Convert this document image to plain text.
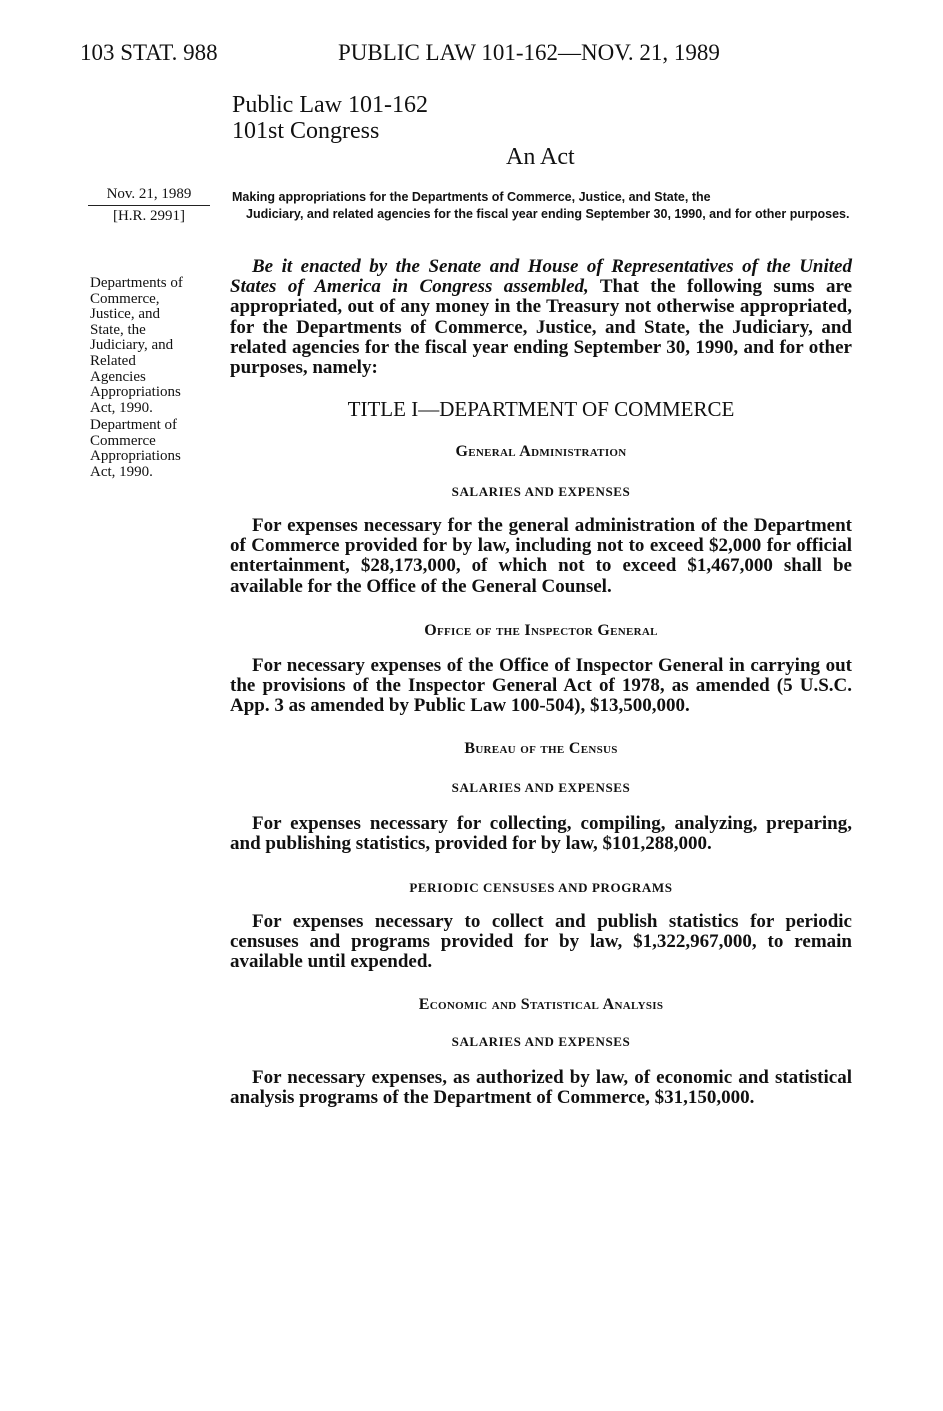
103 STAT. 988	PUBLIC LAW 101-162—NOV. 21, 1989
Public Law 101-162
101st Congress
An Act
Nov. 21, 1989
[H.R. 2991]
Departments of
Commerce,
Justice, and
State, the
Judiciary, and
Related
Agencies
Appropriations
Act, 1990.
Department of
Commerce
Appropriations
Act, 1990.
Making appropriations for the Departments of Commerce, Justice, and State, the
Judiciary, and related agencies for the fiscal year ending September 30, 1990, and for other purposes.
Be it enacted by the Senate and House of Representatives of the United States of America in Congress assembled, That the following sums are appropriated, out of any money in the Treasury not otherwise appropriated, for the Departments of Commerce, Justice, and State, the Judiciary, and related agencies for the fiscal year ending September 30, 1990, and for other purposes, namely:
TITLE I—DEPARTMENT OF COMMERCE
General Administration
SALARIES AND EXPENSES
For expenses necessary for the general administration of the Department of Commerce provided for by law, including not to exceed $2,000 for official entertainment, $28,173,000, of which not to exceed $1,467,000 shall be available for the Office of the General Counsel.
Office of the Inspector General
For necessary expenses of the Office of Inspector General in carrying out the provisions of the Inspector General Act of 1978, as amended (5 U.S.C. App. 3 as amended by Public Law 100-504), $13,500,000.
Bureau of the Census
SALARIES AND EXPENSES
For expenses necessary for collecting, compiling, analyzing, preparing, and publishing statistics, provided for by law, $101,288,000.
PERIODIC CENSUSES AND PROGRAMS
For expenses necessary to collect and publish statistics for periodic censuses and programs provided for by law, $1,322,967,000, to remain available until expended.
Economic and Statistical Analysis
SALARIES AND EXPENSES
For necessary expenses, as authorized by law, of economic and statistical analysis programs of the Department of Commerce, $31,150,000.
